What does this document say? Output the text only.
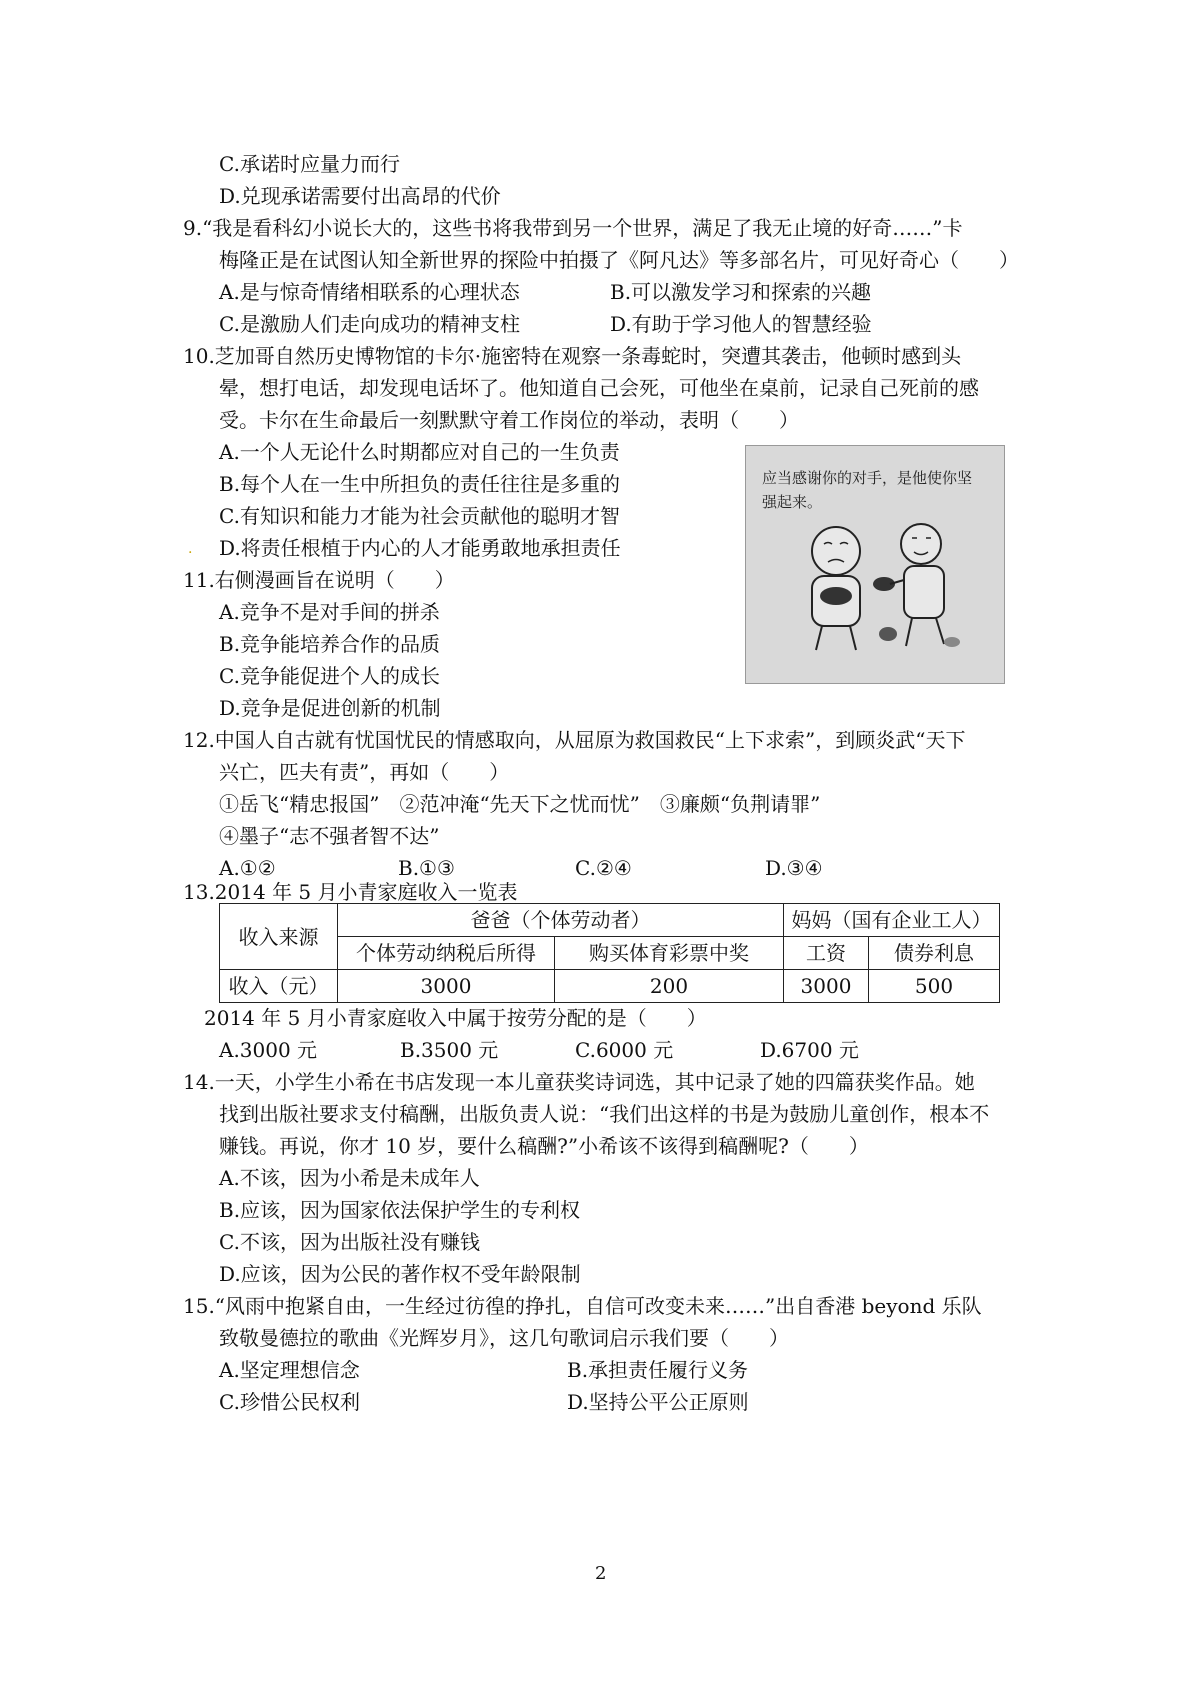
C.承诺时应量力而行
D.兑现承诺需要付出高昂的代价
9.“我是看科幻小说长大的，这些书将我带到另一个世界，满足了我无止境的好奇……”卡
梅隆正是在试图认知全新世界的探险中拍摄了《阿凡达》等多部名片，可见好奇心（　　）
A.是与惊奇情绪相联系的心理状态	B.可以激发学习和探索的兴趣
C.是激励人们走向成功的精神支柱	D.有助于学习他人的智慧经验
10.芝加哥自然历史博物馆的卡尔·施密特在观察一条毒蛇时，突遭其袭击，他顿时感到头
晕，想打电话，却发现电话坏了。他知道自己会死，可他坐在桌前，记录自己死前的感
受。卡尔在生命最后一刻默默守着工作岗位的举动，表明（　　）
A.一个人无论什么时期都应对自己的一生负责
B.每个人在一生中所担负的责任往往是多重的
C.有知识和能力才能为社会贡献他的聪明才智
. D.将责任根植于内心的人才能勇敢地承担责任
应当感谢你的对手，是他使你坚强起来。
11.右侧漫画旨在说明（　　）
A.竞争不是对手间的拼杀
B.竞争能培养合作的品质
C.竞争能促进个人的成长
D.竞争是促进创新的机制
12.中国人自古就有忧国忧民的情感取向，从屈原为救国救民“上下求索”，到顾炎武“天下
兴亡，匹夫有责”，再如（　　）
①岳飞“精忠报国”　②范冲淹“先天下之忧而忧”　③廉颇“负荆请罪”
④墨子“志不强者智不达”
A.①②	B.①③	C.②④	D.③④
13.2014 年 5 月小青家庭收入一览表
收入来源	爸爸（个体劳动者）		妈妈（国有企业工人）	
	个体劳动纳税后所得	购买体育彩票中奖	工资	债券利息
收入（元）	3000	200	3000	500
2014 年 5 月小青家庭收入中属于按劳分配的是（　　）
A.3000 元	B.3500 元	C.6000 元	D.6700 元
14.一天，小学生小希在书店发现一本儿童获奖诗词选，其中记录了她的四篇获奖作品。她
找到出版社要求支付稿酬，出版负责人说：“我们出这样的书是为鼓励儿童创作，根本不
赚钱。再说，你才 10 岁，要什么稿酬?”小希该不该得到稿酬呢?（　　）
A.不该，因为小希是未成年人
B.应该，因为国家依法保护学生的专利权
C.不该，因为出版社没有赚钱
D.应该，因为公民的著作权不受年龄限制
15.“风雨中抱紧自由，一生经过彷徨的挣扎，自信可改变未来……”出自香港 beyond 乐队
致敬曼德拉的歌曲《光辉岁月》，这几句歌词启示我们要（　　）
A.坚定理想信念	B.承担责任履行义务
C.珍惜公民权利	D.坚持公平公正原则
2
